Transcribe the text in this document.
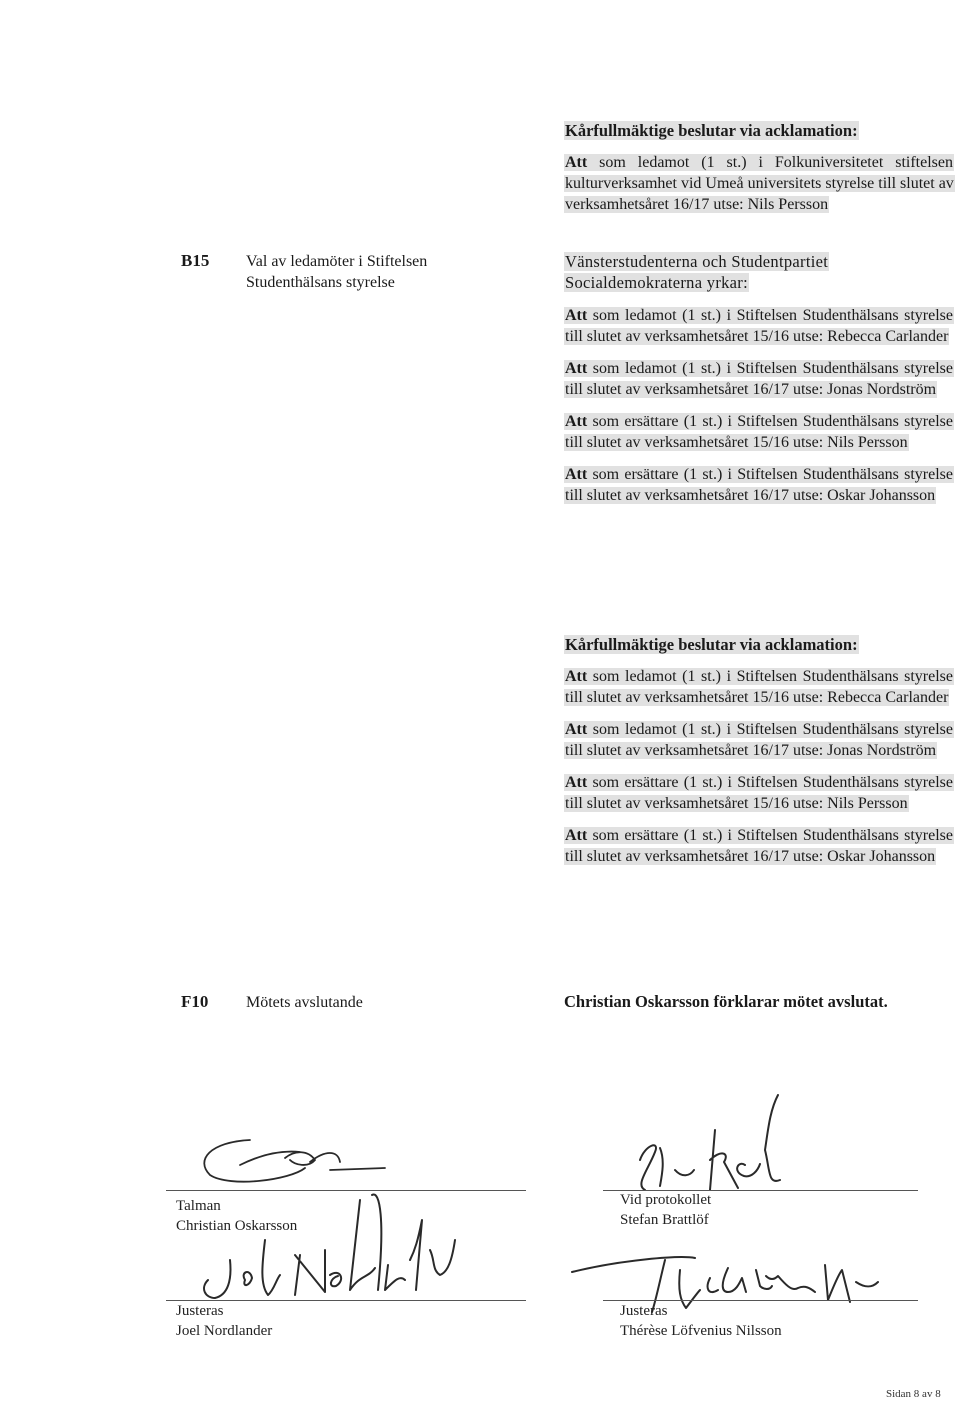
Kårfullmäktige beslutar via acklamation:

Att som ledamot (1 st.) i Folkuniversitetet stiftelsen kulturverksamhet vid Umeå universitets styrelse till slutet av verksamhetsåret 16/17 utse: Nils Persson

B15 Val av ledamöter i Stiftelsen
Studenthälsans styrelse

Vänsterstudenterna och Studentpartiet
Socialdemokraterna yrkar:

Att som ledamot (1 st.) i Stiftelsen Studenthälsans styrelse till slutet av verksamhetsåret 15/16 utse: Rebecca Carlander

Att som ledamot (1 st.) i Stiftelsen Studenthälsans styrelse till slutet av verksamhetsåret 16/17 utse: Jonas Nordström

Att som ersättare (1 st.) i Stiftelsen Studenthälsans styrelse till slutet av verksamhetsåret 15/16 utse: Nils Persson

Att som ersättare (1 st.) i Stiftelsen Studenthälsans styrelse till slutet av verksamhetsåret 16/17 utse: Oskar Johansson

Kårfullmäktige beslutar via acklamation:

Att som ledamot (1 st.) i Stiftelsen Studenthälsans styrelse till slutet av verksamhetsåret 15/16 utse: Rebecca Carlander

Att som ledamot (1 st.) i Stiftelsen Studenthälsans styrelse till slutet av verksamhetsåret 16/17 utse: Jonas Nordström

Att som ersättare (1 st.) i Stiftelsen Studenthälsans styrelse till slutet av verksamhetsåret 15/16 utse: Nils Persson

Att som ersättare (1 st.) i Stiftelsen Studenthälsans styrelse till slutet av verksamhetsåret 16/17 utse: Oskar Johansson

F10 Mötets avslutande	Christian Oskarsson förklarar mötet avslutat.
Talman
Christian Oskarsson
Vid protokollet
Stefan Brattlöf
Justeras
Joel Nordlander
Justeras
Thérèse Löfvenius Nilsson
Sidan 8 av 8
